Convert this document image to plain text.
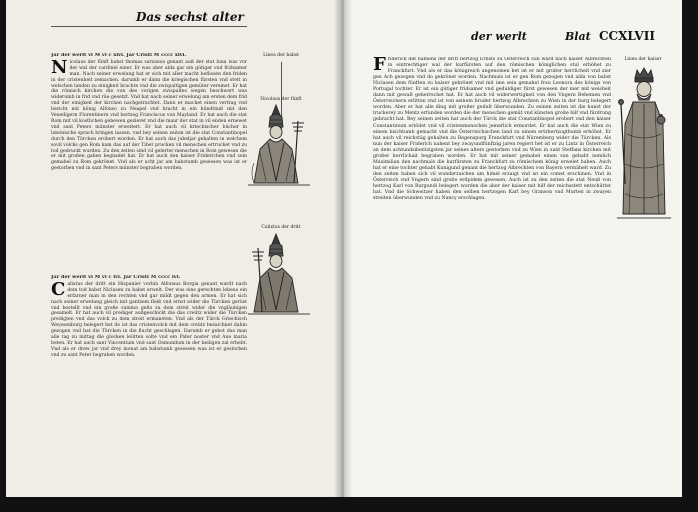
Das sechst alter
Jar der werlt vi M vi c xlvi. Jar Cristi M cccc xlvi.
N icolaus der fünft babst thomas sarzanus genant auß der stat luna was vor der wal der cardinel einer. Er was aber alda gar ein gütiger vnd fridsamer man. Nach seiner erwelung hat er sich mit aller macht beflissen den friden in der cristenheit zemachen. darumb er dann die kriegischen fürsten vnd stett in welschen landen zu einigkeit brachte vnd die zwispaltigen gemüter vereinet. Er hat die römisch kirchen die von des vorigen zwispaltes wegen beschwert was widerumb in frid vnd rüe gesetzt. Vnd hat nach seiner erwelung am ersten dem frid vnd der einigkeit der kirchen nachgetrachtet. Dann er machet einen vertrag vnd bericht mit könig Alfonso zu Neapel vnd bracht in ein bündtnuß mit den Venedigern Florentinern vnd hertzog Franciscus von Mayland. Er hat auch die stat Rom mit vil kostlichen gebewen gezieret vnd die maur der stat in vil enden ernewet vnd sant Peters münster erweitert. Er hat auch vil kriechischer bücher in lateinische sprach bringen lassen. vnd bey seinen zeiten ist die stat Constantinopel durch den Türcken erobert worden. Er hat auch das jubeljar gehalten in welchem sovil volcks gen Rom kam das auf der Tiber prucken vil menschen ertrucket vnd zu tod gedruckt wurden. Zu den zeiten sind vil gelerter menschen in Rom gewesen die er mit großen gaben begnadet hat. Er hat auch den kaiser Friderichen vnd sein gemahel zu Rom gekrönet. Vnd als er acht jar am babstumb gesessen was ist er gestorben vnd in sant Peters münster begraben worden.

Jar der werlt vi M vi c lvi. Jar Cristi M cccc lvi.
C alixtus der dritt ein Hispanier vorhin Alfonsus Borgia genant wardt nach dem tod babst Niclasen zu babst erwelt. Der was eins gerechten lebens ein erfarner man in den rechten vnd gar mildt gegen den armen. Er hat sich nach seiner erwelung gleich mit gantzem fleiß vnd ernst wider die Türcken gerüst vnd bestellt vnd ein große summa gelts zu dem streit wider die vngläubigen gesamelt. Er hat auch vil prediger außgeschickt die das creütz wider die Türcken predigten vnd das volck zu dem streit ermaneten. Vnd als der Türck Griechisch Weyssenburg belegert het do ist das cristenvolck mit dem creütz bezaichnet dahin gezogen vnd hat die Türcken in die flucht geschlagen. Darumb er gebot das man alle tag zu mittag die glocken leütten solte vnd ein Pater noster vnd Aue maria beten. Er hat auch sant Vincentium vnd sant Osmundum in der heiligen zal erhebt. Vnd als er drew jar vnd drey monat am babstumb gesessen was ist er gestorben vnd zu sant Peter begraben worden.

Linea der babst
Nicolaus der fünft
Calixtus der dritt
der werlt	Blat CCXLVII
Linea der kaiser
F riderich diß namens der dritt hertzog Ernsts zu Österreich sun ward nach kaiser Albrechten in eintrechtiger wal der kurfürsten auf den römischen königlichen stul erhöhet zu Franckfurt. Vnd als er das königreich angenomen het ist er mit großer herrlicheit vnd zier gen Ach gezogen vnd do gekrönet worden. Nachmals ist er gen Rom gezogen vnd alda von babst Niclasen dem fünften zu kaiser gekrönet vnd mit ime sein gemahel frau Leonora des königs von Portugal tochter. Er ist ein gütiger fridsamer vnd geduldiger fürst gewesen der mer mit weisheit dann mit gewalt geherrschet hat. Er hat auch vil widerwertigkeit von den Vngern Behemen vnd Österreichern erlitten vnd ist von seinem bruder hertzog Albrechten zu Wien in der burg belegert worden. Aber er hat alle ding mit großer gedult überwunden. Zu seinen zeiten ist die kunst der truckerey zu Mentz erfunden worden die der menschen gemüt vnd künsten große hilf vnd fürdrung gebracht hat. Bey seinen zeiten hat auch der Türck die stat Constantinopel erobert vnd den kaiser Constantinum ertödet vnd vil cristenmenschen jemerlich ermordet. Er hat auch die stat Wien zu einem bischtumb gemacht vnd die Österreichischen land zu einem ertzhertzogthumb erhöhet. Er hat auch vil reichstäg gehalten zu Regenspurg Franckfurt vnd Nüremberg wider die Türcken. Als nun der kaiser Friderich nahent bey zwayundfünftzig jaren regiert het ist er zu Lintz in Österreich an dem achtundsibentzigsten jar seines alters gestorben vnd zu Wien in sant Steffans kirchen mit großer herrlichait begraben worden. Er hat mit seiner gemahel einen sun gehabt nemlich Maximilian den nachmals die kurfürsten zu Franckfurt zu römischem könig erwelet haben. Auch hat er eine tochter gehabt Kunigund genant die hertzog Albrechten von Bayern vermähelt ward. Zu den zeiten haben sich vil wunderzaichen am himel erzaigt vnd ist ein comet erschinen. Vnd in Österreich vnd Vngern sind große erdpidem gewesen. Auch ist zu den zeiten die stat Neuß von hertzog Karl von Burgundi belegert worden die aber der kaiser mit hilf der reichsstett entschüttet hat. Vnd die Schweitzer haben den selben hertzogen Karl bey Granson vnd Murten in zwayen streiten überwunden vnd zu Nancy erschlagen.
